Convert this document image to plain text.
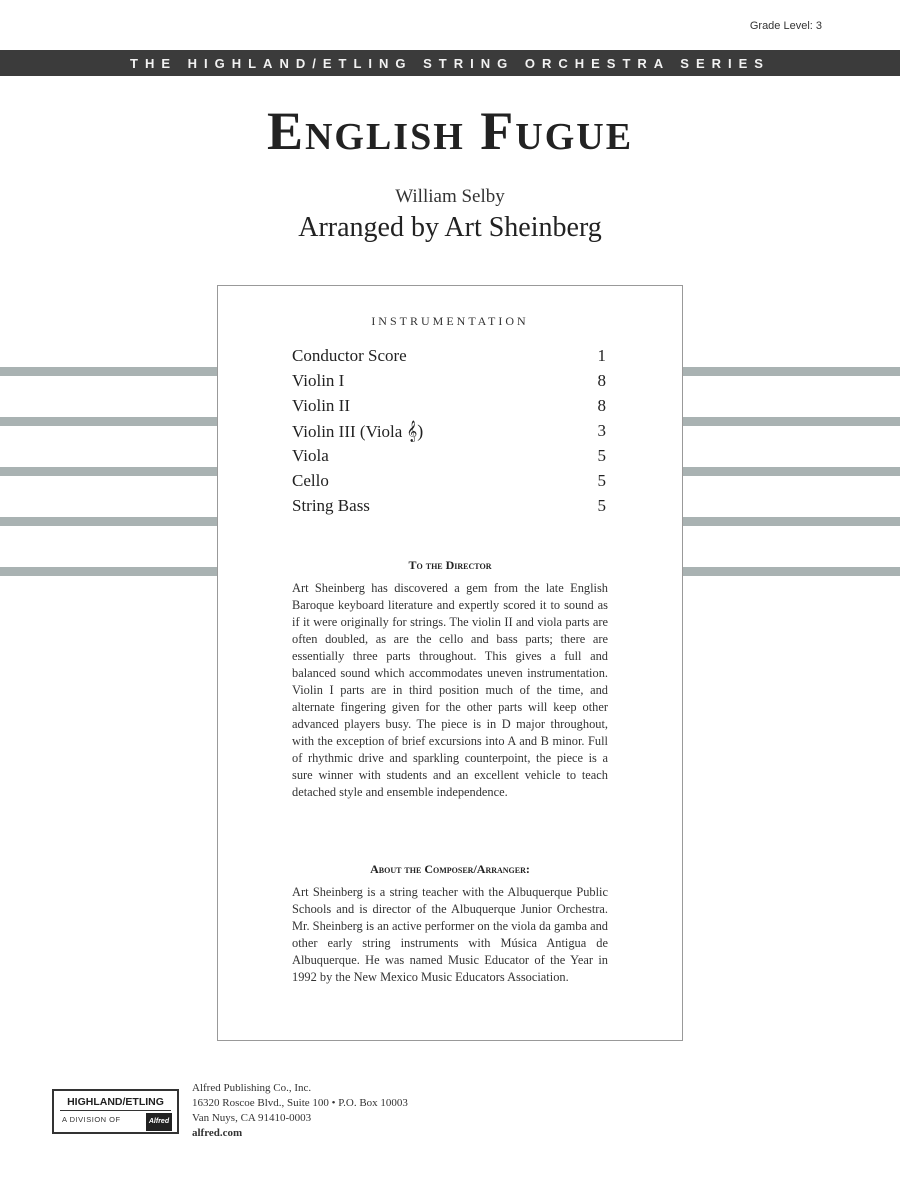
Grade Level: 3
THE HIGHLAND/ETLING STRING ORCHESTRA SERIES
English Fugue
William Selby
Arranged by Art Sheinberg
INSTRUMENTATION
Conductor Score	1
Violin I	8
Violin II	8
Violin III (Viola 𝄞)	3
Viola	5
Cello	5
String Bass	5
To the Director
Art Sheinberg has discovered a gem from the late English Baroque keyboard literature and expertly scored it to sound as if it were originally for strings. The violin II and viola parts are often doubled, as are the cello and bass parts; there are essentially three parts throughout. This gives a full and balanced sound which accommodates uneven instrumentation. Violin I parts are in third position much of the time, and alternate fingering given for the other parts will keep other advanced players busy. The piece is in D major throughout, with the exception of brief excursions into A and B minor. Full of rhythmic drive and sparkling counterpoint, the piece is a sure winner with students and an excellent vehicle to teach detached style and ensemble independence.
About the Composer/Arranger:
Art Sheinberg is a string teacher with the Albuquerque Public Schools and is director of the Albuquerque Junior Orchestra. Mr. Sheinberg is an active performer on the viola da gamba and other early string instruments with Música Antigua de Albuquerque. He was named Music Educator of the Year in 1992 by the New Mexico Music Educators Association.
HIGHLAND/ETLING
A DIVISION OF	Alfred
Alfred Publishing Co., Inc.
16320 Roscoe Blvd., Suite 100 • P.O. Box 10003
Van Nuys, CA 91410-0003
alfred.com
